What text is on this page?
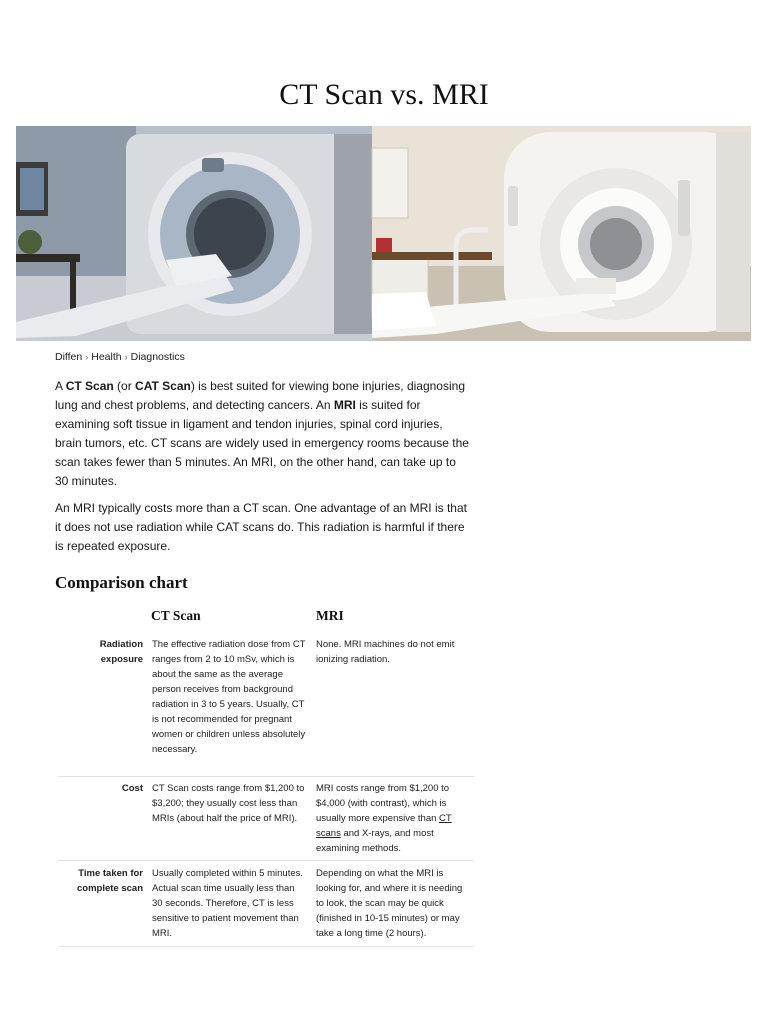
CT Scan vs. MRI
Diffen › Health › Diagnostics

A CT Scan (or CAT Scan) is best suited for viewing bone injuries, diagnosing lung and chest problems, and detecting cancers. An MRI is suited for examining soft tissue in ligament and tendon injuries, spinal cord injuries, brain tumors, etc. CT scans are widely used in emergency rooms because the scan takes fewer than 5 minutes. An MRI, on the other hand, can take up to 30 minutes.

An MRI typically costs more than a CT scan. One advantage of an MRI is that it does not use radiation while CAT scans do. This radiation is harmful if there is repeated exposure.

Comparison chart
CT Scan	MRI
Radiation exposure
The effective radiation dose from CT ranges from 2 to 10 mSv, which is about the same as the average person receives from background radiation in 3 to 5 years. Usually, CT is not recommended for pregnant women or children unless absolutely necessary.
None. MRI machines do not emit ionizing radiation.
Cost CT Scan costs range from $1,200 to $3,200; they usually cost less than MRIs (about half the price of MRI).
MRI costs range from $1,200 to $4,000 (with contrast), which is usually more expensive than CT scans and X-rays, and most examining methods.
Time taken for complete scan
Usually completed within 5 minutes. Actual scan time usually less than 30 seconds. Therefore, CT is less sensitive to patient movement than MRI.
Depending on what the MRI is looking for, and where it is needing to look, the scan may be quick (finished in 10-15 minutes) or may take a long time (2 hours).
